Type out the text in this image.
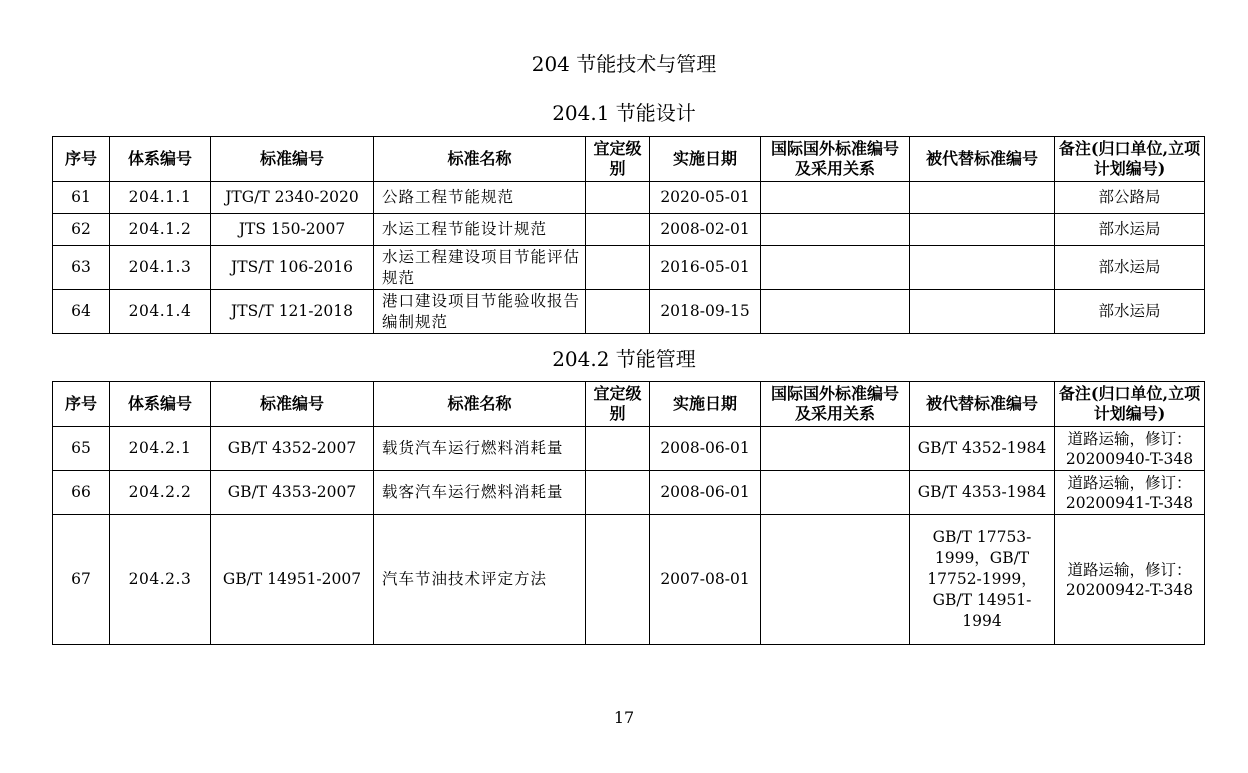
204 节能技术与管理
204.1 节能设计
序号	体系编号	标准编号	标准名称	宜定级别	实施日期	国际国外标准编号及采用关系	被代替标准编号	备注(归口单位,立项计划编号)
61	204.1.1	JTG/T 2340-2020	公路工程节能规范		2020-05-01			部公路局
62	204.1.2	JTS 150-2007	水运工程节能设计规范		2008-02-01			部水运局
63	204.1.3	JTS/T 106-2016	水运工程建设项目节能评估规范		2016-05-01			部水运局
64	204.1.4	JTS/T 121-2018	港口建设项目节能验收报告编制规范		2018-09-15			部水运局
204.2 节能管理
序号	体系编号	标准编号	标准名称	宜定级别	实施日期	国际国外标准编号及采用关系	被代替标准编号	备注(归口单位,立项计划编号)
65	204.2.1	GB/T 4352-2007	载货汽车运行燃料消耗量		2008-06-01		GB/T 4352-1984	道路运输，修订：20200940-T-348
66	204.2.2	GB/T 4353-2007	载客汽车运行燃料消耗量		2008-06-01		GB/T 4353-1984	道路运输，修订：20200941-T-348
67	204.2.3	GB/T 14951-2007	汽车节油技术评定方法		2007-08-01		GB/T 17753-1999，GB/T 17752-1999，GB/T 14951-1994	道路运输，修订：20200942-T-348
17
